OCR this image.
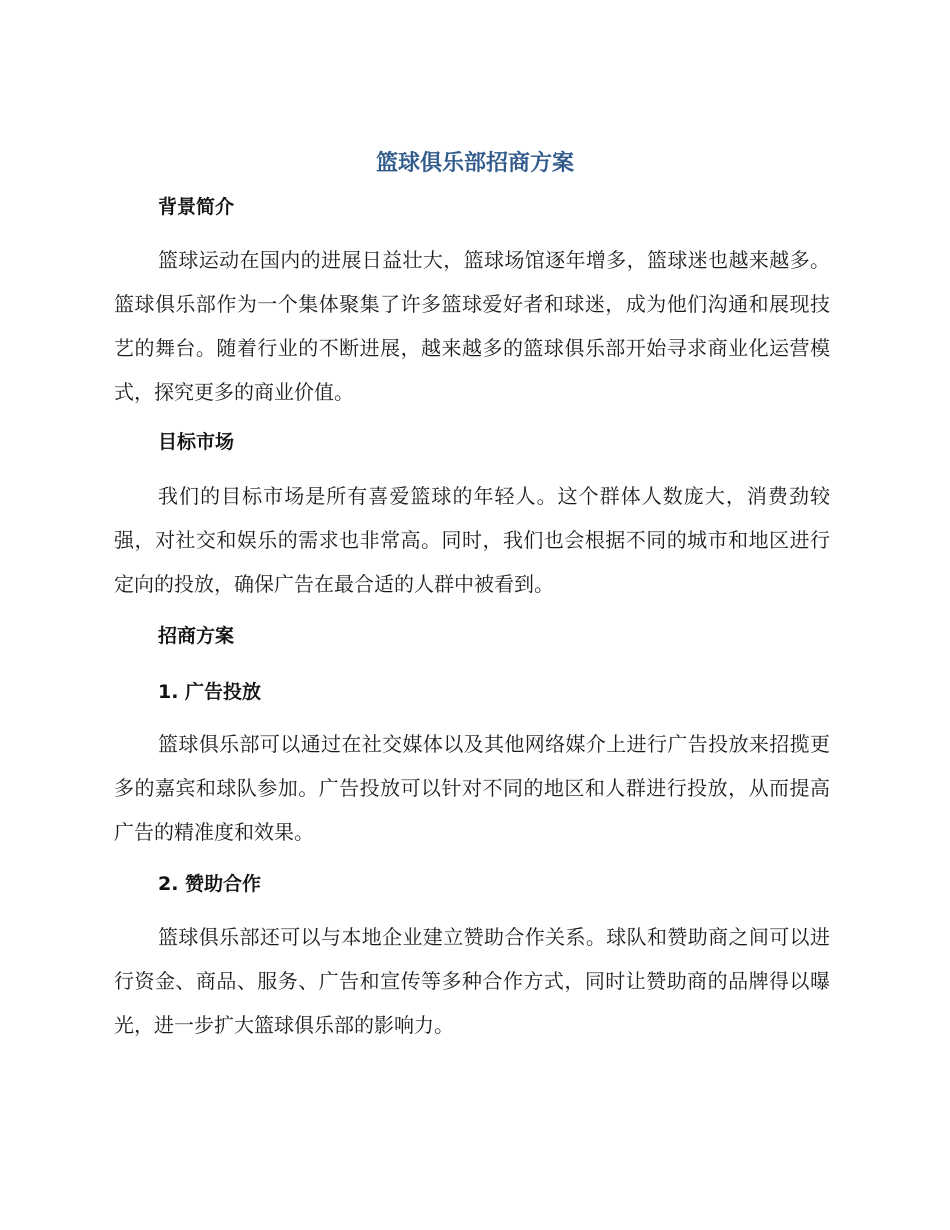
篮球俱乐部招商方案
背景简介
篮球运动在国内的进展日益壮大，篮球场馆逐年增多，篮球迷也越来越多。篮球俱乐部作为一个集体聚集了许多篮球爱好者和球迷，成为他们沟通和展现技艺的舞台。随着行业的不断进展，越来越多的篮球俱乐部开始寻求商业化运营模式，探究更多的商业价值。
目标市场
我们的目标市场是所有喜爱篮球的年轻人。这个群体人数庞大，消费劲较强，对社交和娱乐的需求也非常高。同时，我们也会根据不同的城市和地区进行定向的投放，确保广告在最合适的人群中被看到。
招商方案
1. 广告投放
篮球俱乐部可以通过在社交媒体以及其他网络媒介上进行广告投放来招揽更多的嘉宾和球队参加。广告投放可以针对不同的地区和人群进行投放，从而提高广告的精准度和效果。
2. 赞助合作
篮球俱乐部还可以与本地企业建立赞助合作关系。球队和赞助商之间可以进行资金、商品、服务、广告和宣传等多种合作方式，同时让赞助商的品牌得以曝光，进一步扩大篮球俱乐部的影响力。
